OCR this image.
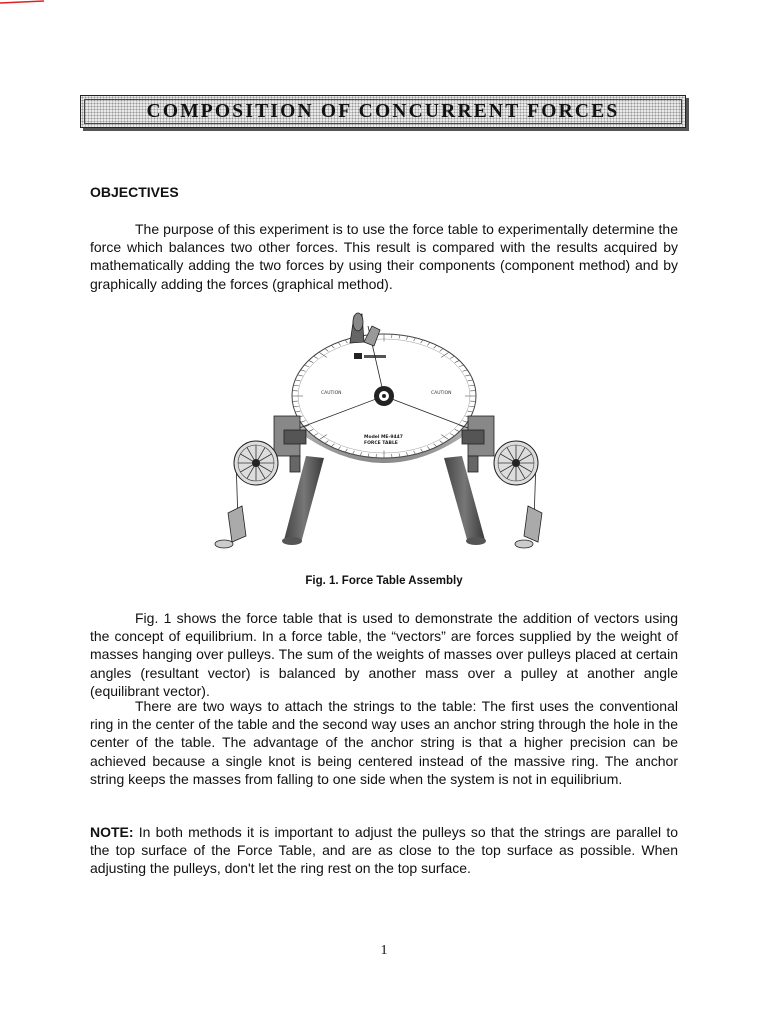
COMPOSITION OF CONCURRENT FORCES
OBJECTIVES

The purpose of this experiment is to use the force table to experimentally determine the force which balances two other forces. This result is compared with the results acquired by mathematically adding the two forces by using their components (component method) and by graphically adding the forces (graphical method).

CAUTION	CAUTION
Model ME-9447
FORCE TABLE
Fig. 1. Force Table Assembly

Fig. 1 shows the force table that is used to demonstrate the addition of vectors using the concept of equilibrium. In a force table, the “vectors” are forces supplied by the weight of masses hanging over pulleys. The sum of the weights of masses over pulleys placed at certain angles (resultant vector) is balanced by another mass over a pulley at another angle (equilibrant vector).

There are two ways to attach the strings to the table: The first uses the conventional ring in the center of the table and the second way uses an anchor string through the hole in the center of the table. The advantage of the anchor string is that a higher precision can be achieved because a single knot is being centered instead of the massive ring. The anchor string keeps the masses from falling to one side when the system is not in equilibrium.

NOTE: In both methods it is important to adjust the pulleys so that the strings are parallel to the top surface of the Force Table, and are as close to the top surface as possible. When adjusting the pulleys, don't let the ring rest on the top surface.

1
